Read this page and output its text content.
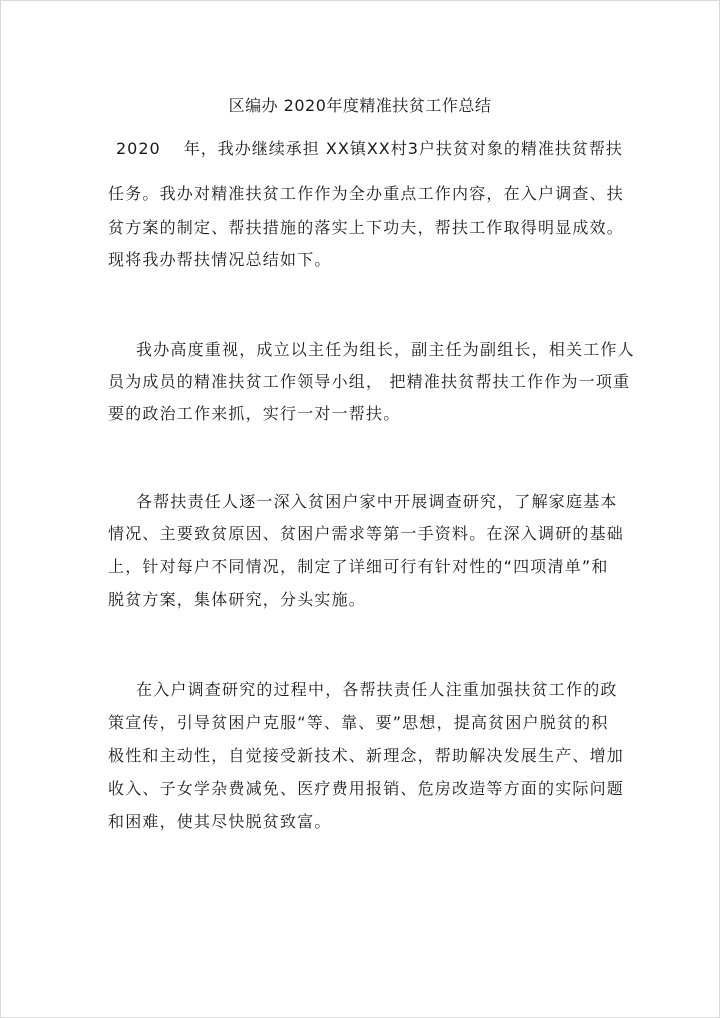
区编办 2020年度精准扶贫工作总结
2020　 年，我办继续承担 XX镇XX村3户扶贫对象的精准扶贫帮扶
任务。我办对精准扶贫工作作为全办重点工作内容，在入户调查、扶
贫方案的制定、帮扶措施的落实上下功夫，帮扶工作取得明显成效。
现将我办帮扶情况总结如下。
我办高度重视，成立以主任为组长，副主任为副组长，相关工作人
员为成员的精准扶贫工作领导小组， 把精准扶贫帮扶工作作为一项重
要的政治工作来抓，实行一对一帮扶。
各帮扶责任人逐一深入贫困户家中开展调查研究，了解家庭基本
情况、主要致贫原因、贫困户需求等第一手资料。在深入调研的基础
上，针对每户不同情况，制定了详细可行有针对性的“四项清单”和
脱贫方案，集体研究，分头实施。
在入户调查研究的过程中，各帮扶责任人注重加强扶贫工作的政
策宣传，引导贫困户克服“等、靠、要”思想，提高贫困户脱贫的积
极性和主动性，自觉接受新技术、新理念，帮助解决发展生产、增加
收入、子女学杂费减免、医疗费用报销、危房改造等方面的实际问题
和困难，使其尽快脱贫致富。
